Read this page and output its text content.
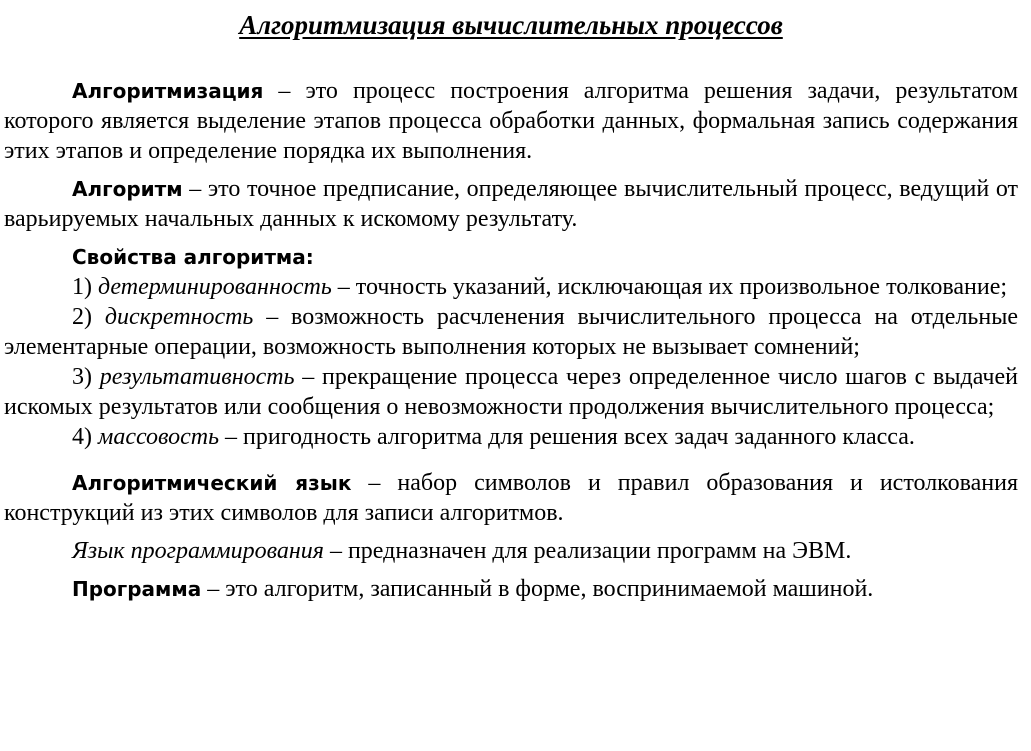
Алгоритмизация вычислительных процессов

Алгоритмизация – это процесс построения алгоритма решения задачи, результатом которого является выделение этапов процесса обработки данных, формальная запись содержания этих этапов и определение порядка их выполнения.

Алгоритм – это точное предписание, определяющее вычислительный процесс, ведущий от варьируемых начальных данных к искомому результату.

Свойства алгоритма:

1) детерминированность – точность указаний, исключающая их произвольное толкование;

2) дискретность – возможность расчленения вычислительного процесса на отдельные элементарные операции, возможность выполнения которых не вызывает сомнений;

3) результативность – прекращение процесса через определенное число шагов с выдачей искомых результатов или сообщения о невозможности продолжения вычислительного процесса;

4) массовость – пригодность алгоритма для решения всех задач заданного класса.

Алгоритмический язык – набор символов и правил образования и истолкования конструкций из этих символов для записи алгоритмов.

Язык программирования – предназначен для реализации программ на ЭВМ.

Программа – это алгоритм, записанный в форме, воспринимаемой машиной.
